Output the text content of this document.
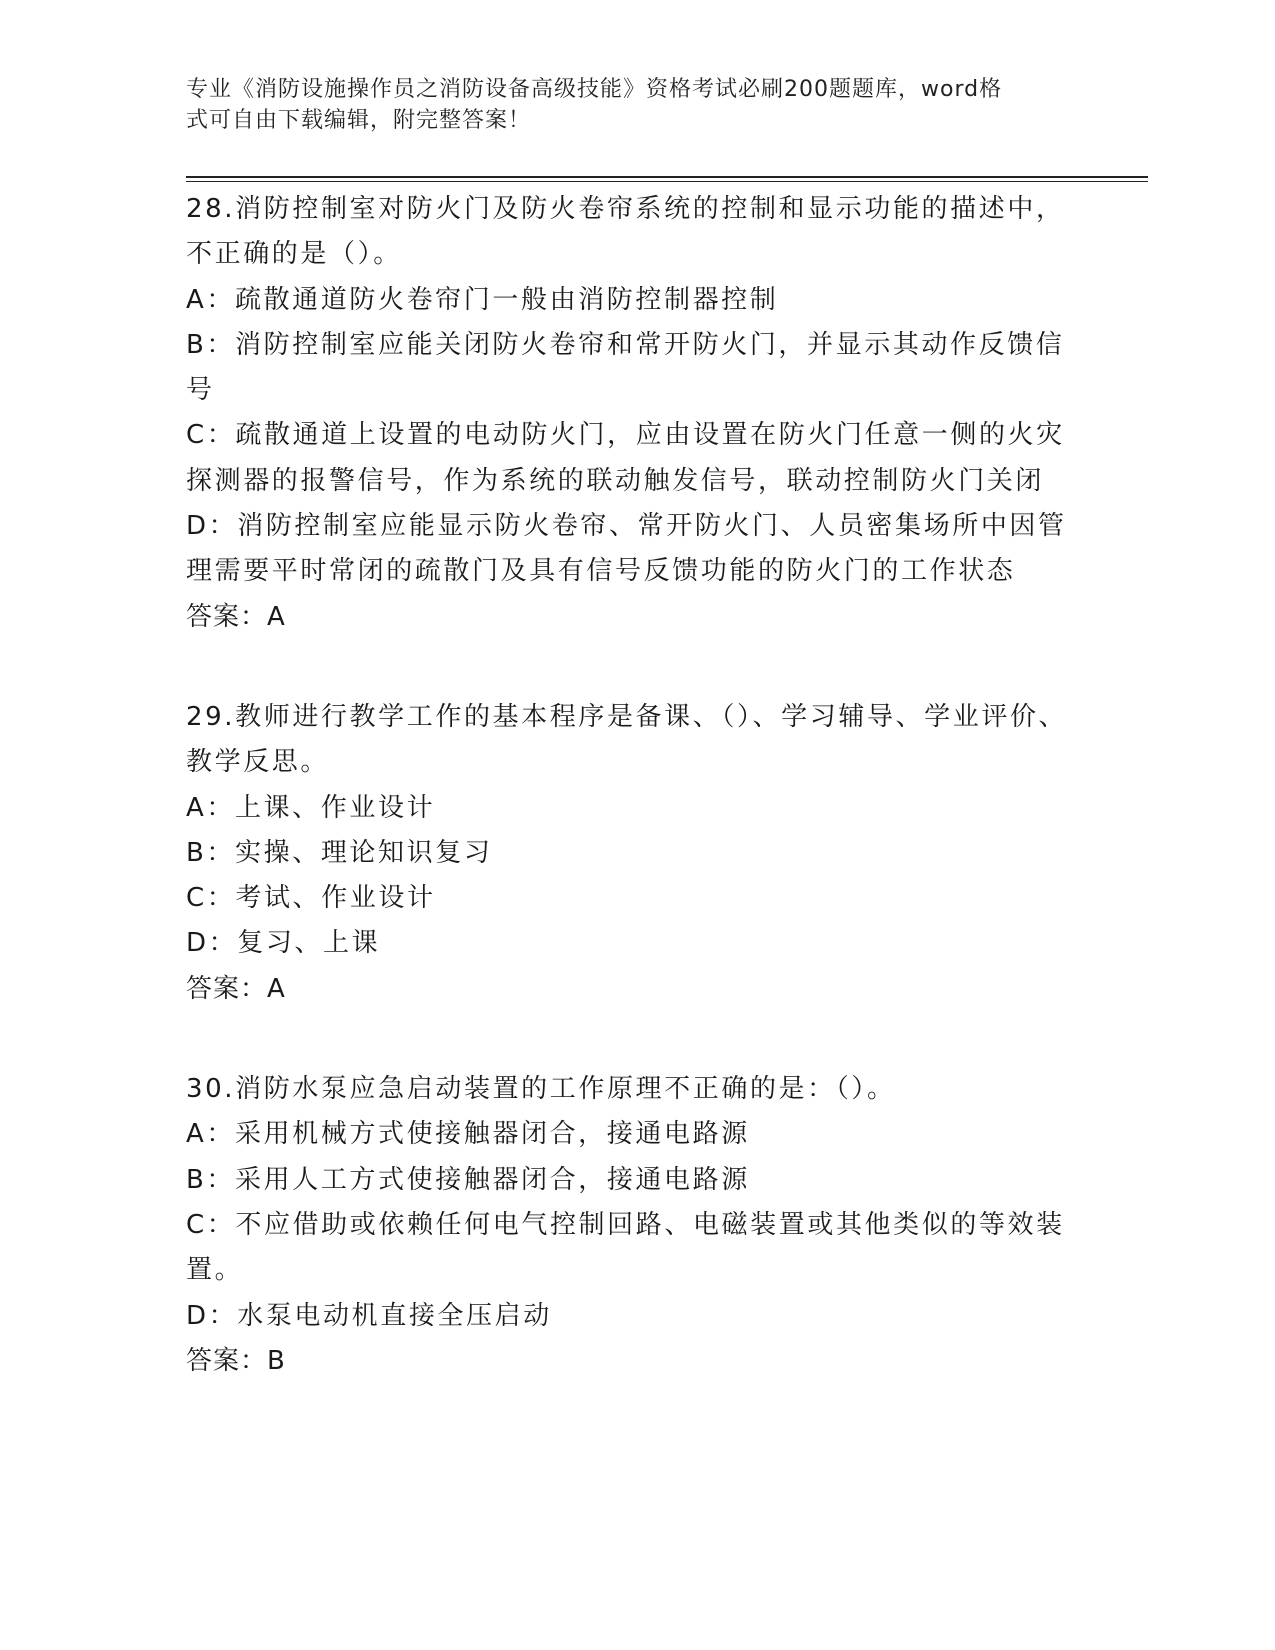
专业《消防设施操作员之消防设备高级技能》资格考试必刷200题题库，word格
式可自由下载编辑，附完整答案！
28.消防控制室对防火门及防火卷帘系统的控制和显示功能的描述中，不正确的是（）。
A：疏散通道防火卷帘门一般由消防控制器控制
B：消防控制室应能关闭防火卷帘和常开防火门，并显示其动作反馈信号
C：疏散通道上设置的电动防火门，应由设置在防火门任意一侧的火灾探测器的报警信号，作为系统的联动触发信号，联动控制防火门关闭
D：消防控制室应能显示防火卷帘、常开防火门、人员密集场所中因管理需要平时常闭的疏散门及具有信号反馈功能的防火门的工作状态
答案：A
29.教师进行教学工作的基本程序是备课、（）、学习辅导、学业评价、教学反思。
A：上课、作业设计
B：实操、理论知识复习
C：考试、作业设计
D：复习、上课
答案：A
30.消防水泵应急启动装置的工作原理不正确的是：（）。
A：采用机械方式使接触器闭合，接通电路源
B：采用人工方式使接触器闭合，接通电路源
C：不应借助或依赖任何电气控制回路、电磁装置或其他类似的等效装置。
D：水泵电动机直接全压启动
答案：B
